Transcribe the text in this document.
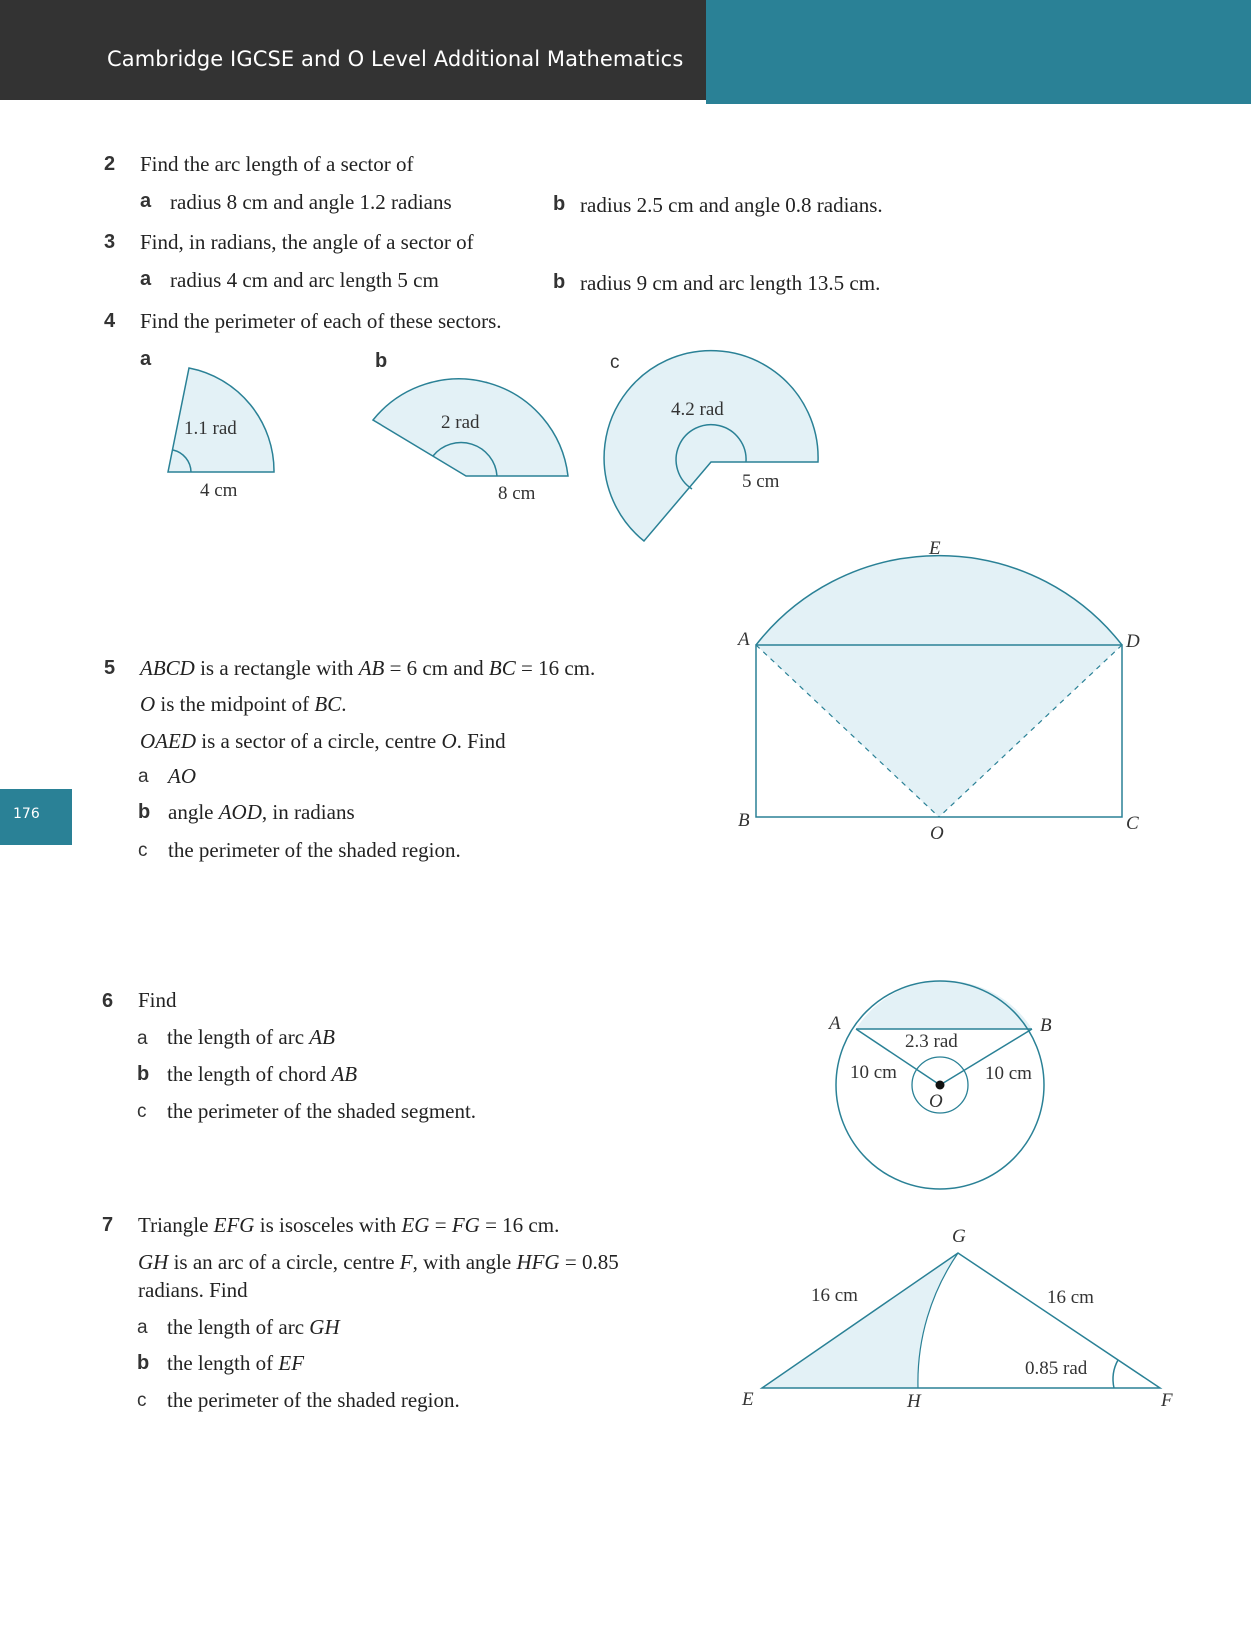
Cambridge IGCSE and O Level Additional Mathematics
176
2 Find the arc length of a sector of
a radius 8 cm and angle 1.2 radians	b radius 2.5 cm and angle 0.8 radians.
3 Find, in radians, the angle of a sector of
a radius 4 cm and arc length 5 cm	b radius 9 cm and arc length 13.5 cm.
4 Find the perimeter of each of these sectors.
a	b	c
1.1 rad
4 cm
2 rad
8 cm
4.2 rad
5 cm
5 ABCD is a rectangle with AB = 6 cm and BC = 16 cm.
O is the midpoint of BC.
OAED is a sector of a circle, centre O. Find
a AO
b angle AOD, in radians
c the perimeter of the shaded region.
E
A	D
B
O	C
6 Find
a the length of arc AB
b the length of chord AB
c the perimeter of the shaded segment.
A	B
2.3 rad
10 cm	10 cm
O
7 Triangle EFG is isosceles with EG = FG = 16 cm.
GH is an arc of a circle, centre F, with angle HFG = 0.85
radians. Find
a the length of arc GH
b the length of EF
c the perimeter of the shaded region.
G
16 cm	16 cm
0.85 rad
E	H	F
